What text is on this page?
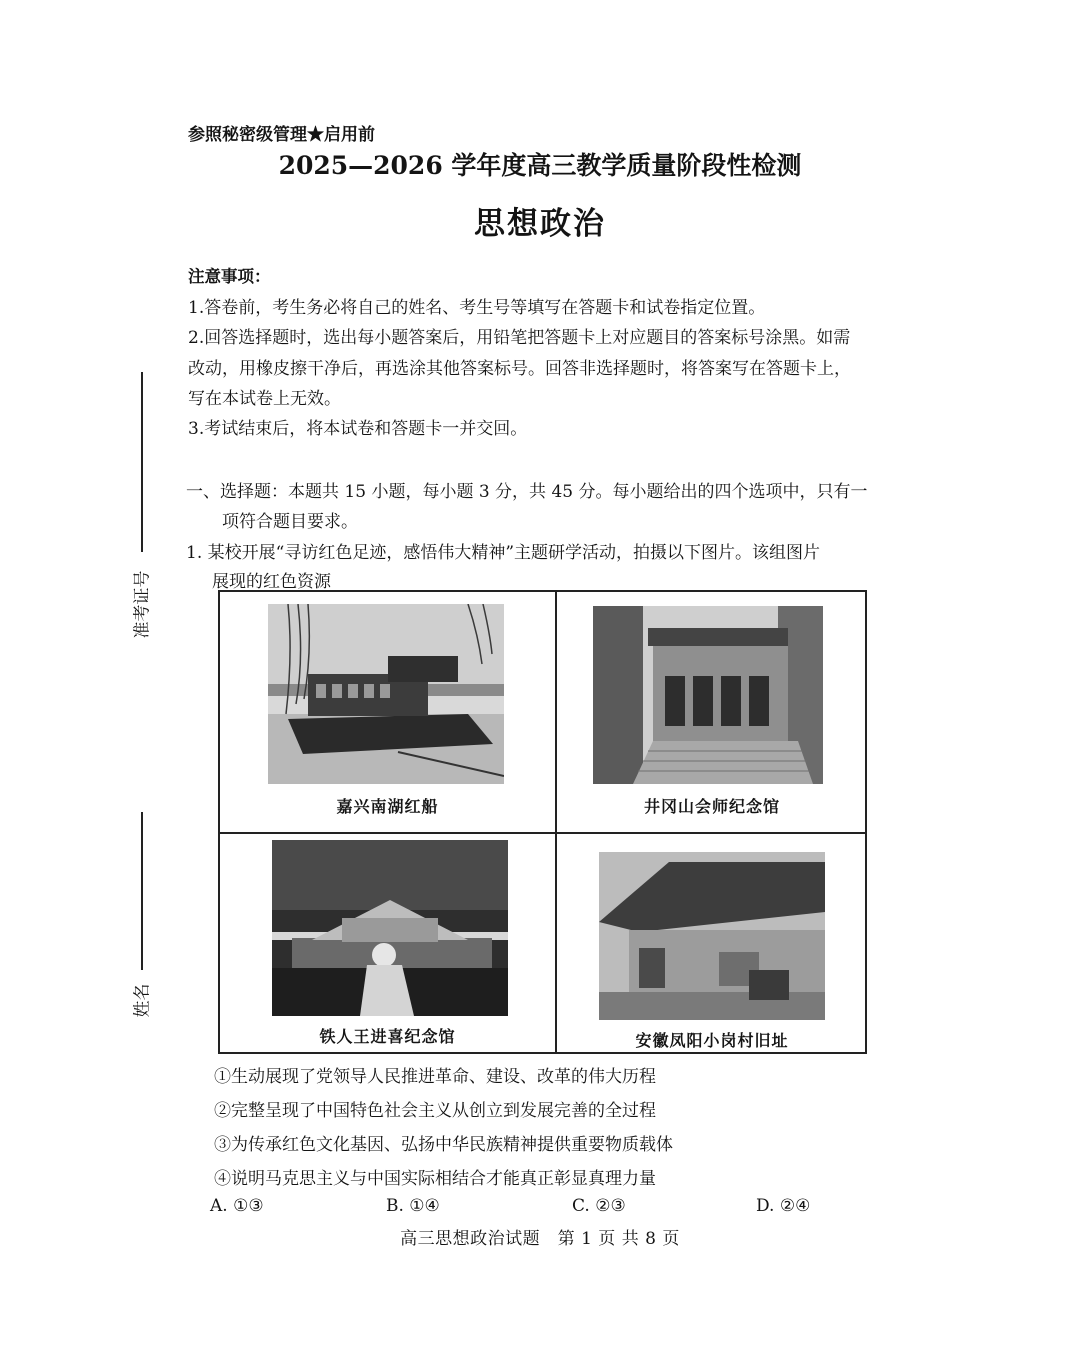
参照秘密级管理★启用前
2025—2026 学年度高三教学质量阶段性检测
思想政治
注意事项：
1.答卷前，考生务必将自己的姓名、考生号等填写在答题卡和试卷指定位置。
2.回答选择题时，选出每小题答案后，用铅笔把答题卡上对应题目的答案标号涂黑。如需
改动，用橡皮擦干净后，再选涂其他答案标号。回答非选择题时，将答案写在答题卡上，
写在本试卷上无效。
3.考试结束后，将本试卷和答题卡一并交回。
一、选择题：本题共 15 小题，每小题 3 分，共 45 分。每小题给出的四个选项中，只有一
项符合题目要求。
1. 某校开展“寻访红色足迹，感悟伟大精神”主题研学活动，拍摄以下图片。该组图片
展现的红色资源
准考证号
姓名
嘉兴南湖红船	井冈山会师纪念馆
铁人王进喜纪念馆	安徽凤阳小岗村旧址
①生动展现了党领导人民推进革命、建设、改革的伟大历程
②完整呈现了中国特色社会主义从创立到发展完善的全过程
③为传承红色文化基因、弘扬中华民族精神提供重要物质载体
④说明马克思主义与中国实际相结合才能真正彰显真理力量
A. ①③	B. ①④	C. ②③	D. ②④
高三思想政治试题　第 1 页 共 8 页
